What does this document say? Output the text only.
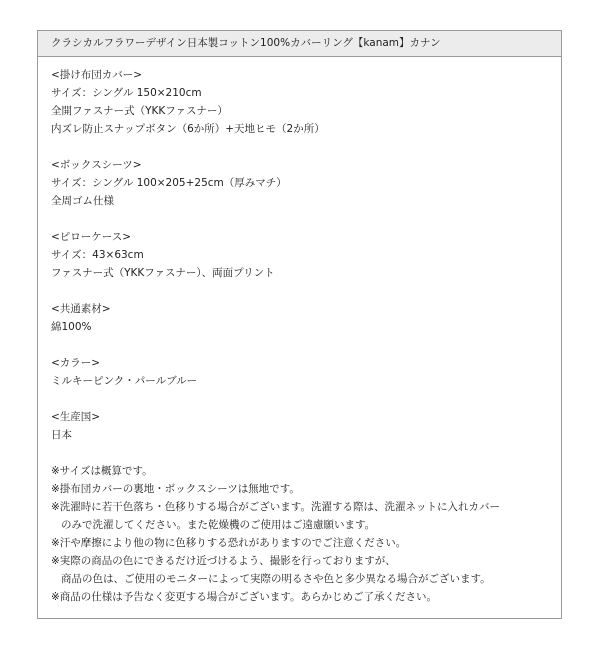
クラシカルフラワーデザイン日本製コットン100%カバーリング【kanam】カナン
<掛け布団カバー>
サイズ：シングル 150×210cm
全開ファスナー式（YKKファスナー）
内ズレ防止スナップボタン（6か所）+天地ヒモ（2か所）
<ボックスシーツ>
サイズ：シングル 100×205+25cm（厚みマチ）
全周ゴム仕様
<ピローケース>
サイズ：43×63cm
ファスナー式（YKKファスナー）、両面プリント
<共通素材>
綿100%
<カラー>
ミルキーピンク・パールブルー
<生産国>
日本
※サイズは概算です。
※掛布団カバーの裏地・ボックスシーツは無地です。
※洗濯時に若干色落ち・色移りする場合がございます。洗濯する際は、洗濯ネットに入れカバー
のみで洗濯してください。また乾燥機のご使用はご遠慮願います。
※汗や摩擦により他の物に色移りする恐れがありますのでご注意ください。
※実際の商品の色にできるだけ近づけるよう、撮影を行っておりますが、
商品の色は、ご使用のモニターによって実際の明るさや色と多少異なる場合がございます。
※商品の仕様は予告なく変更する場合がございます。あらかじめご了承ください。
